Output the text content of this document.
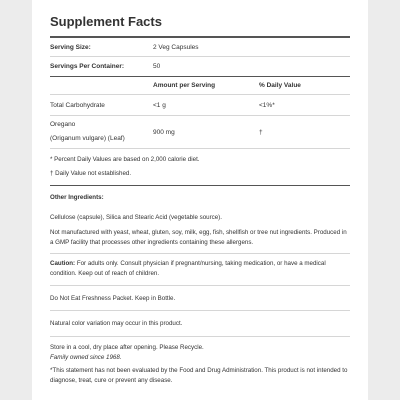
Supplement Facts
Serving Size:	2 Veg Capsules
Servings Per Container:	50
Amount per Serving	% Daily Value
Total Carbohydrate	<1 g	<1%*
Oregano
(Origanum vulgare) (Leaf)
900 mg	†

* Percent Daily Values are based on 2,000 calorie diet.

† Daily Value not established.

Other Ingredients:

Cellulose (capsule), Silica and Stearic Acid (vegetable source).

Not manufactured with yeast, wheat, gluten, soy, milk, egg, fish, shellfish or tree nut ingredients. Produced in a GMP facility that processes other ingredients containing these allergens.

Caution: For adults only. Consult physician if pregnant/nursing, taking medication, or have a medical condition. Keep out of reach of children.

Do Not Eat Freshness Packet. Keep in Bottle.

Natural color variation may occur in this product.

Store in a cool, dry place after opening. Please Recycle.

Family owned since 1968.

*This statement has not been evaluated by the Food and Drug Administration. This product is not intended to diagnose, treat, cure or prevent any disease.
